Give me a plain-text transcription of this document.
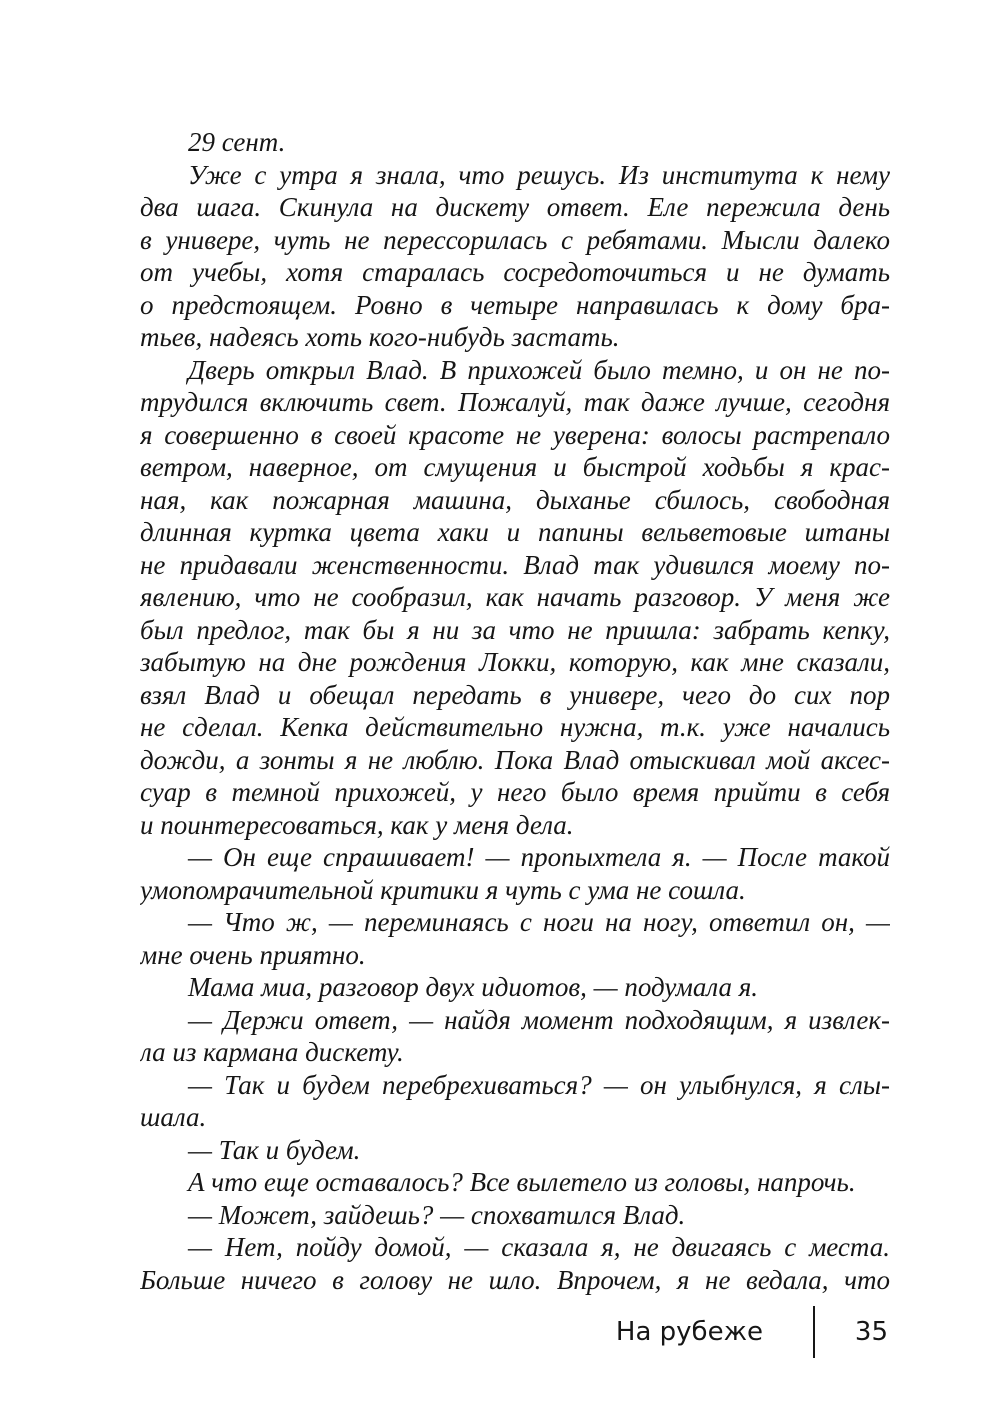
29 сент.
Уже с утра я знала, что решусь. Из института к нему
два шага. Скинула на дискету ответ. Еле пережила день
в универе, чуть не перессорилась с ребятами. Мысли далеко
от учебы, хотя старалась сосредоточиться и не думать
о предстоящем. Ровно в четыре направилась к дому бра-
тьев, надеясь хоть кого-нибудь застать.
Дверь открыл Влад. В прихожей было темно, и он не по-
трудился включить свет. Пожалуй, так даже лучше, сегодня
я совершенно в своей красоте не уверена: волосы растрепало
ветром, наверное, от смущения и быстрой ходьбы я крас-
ная, как пожарная машина, дыханье сбилось, свободная
длинная куртка цвета хаки и папины вельветовые штаны
не придавали женственности. Влад так удивился моему по-
явлению, что не сообразил, как начать разговор. У меня же
был предлог, так бы я ни за что не пришла: забрать кепку,
забытую на дне рождения Локки, которую, как мне сказали,
взял Влад и обещал передать в универе, чего до сих пор
не сделал. Кепка действительно нужна, т.к. уже начались
дожди, а зонты я не люблю. Пока Влад отыскивал мой аксес-
суар в темной прихожей, у него было время прийти в себя
и поинтересоваться, как у меня дела.
— Он еще спрашивает! — пропыхтела я. — После такой
умопомрачительной критики я чуть с ума не сошла.
— Что ж, — переминаясь с ноги на ногу, ответил он, —
мне очень приятно.
Мама миа, разговор двух идиотов, — подумала я.
— Держи ответ, — найдя момент подходящим, я извлек-
ла из кармана дискету.
— Так и будем перебрехиваться? — он улыбнулся, я слы-
шала.
— Так и будем.
А что еще оставалось? Все вылетело из головы, напрочь.
— Может, зайдешь? — спохватился Влад.
— Нет, пойду домой, — сказала я, не двигаясь с места.
Больше ничего в голову не шло. Впрочем, я не ведала, что
На рубеже	35
